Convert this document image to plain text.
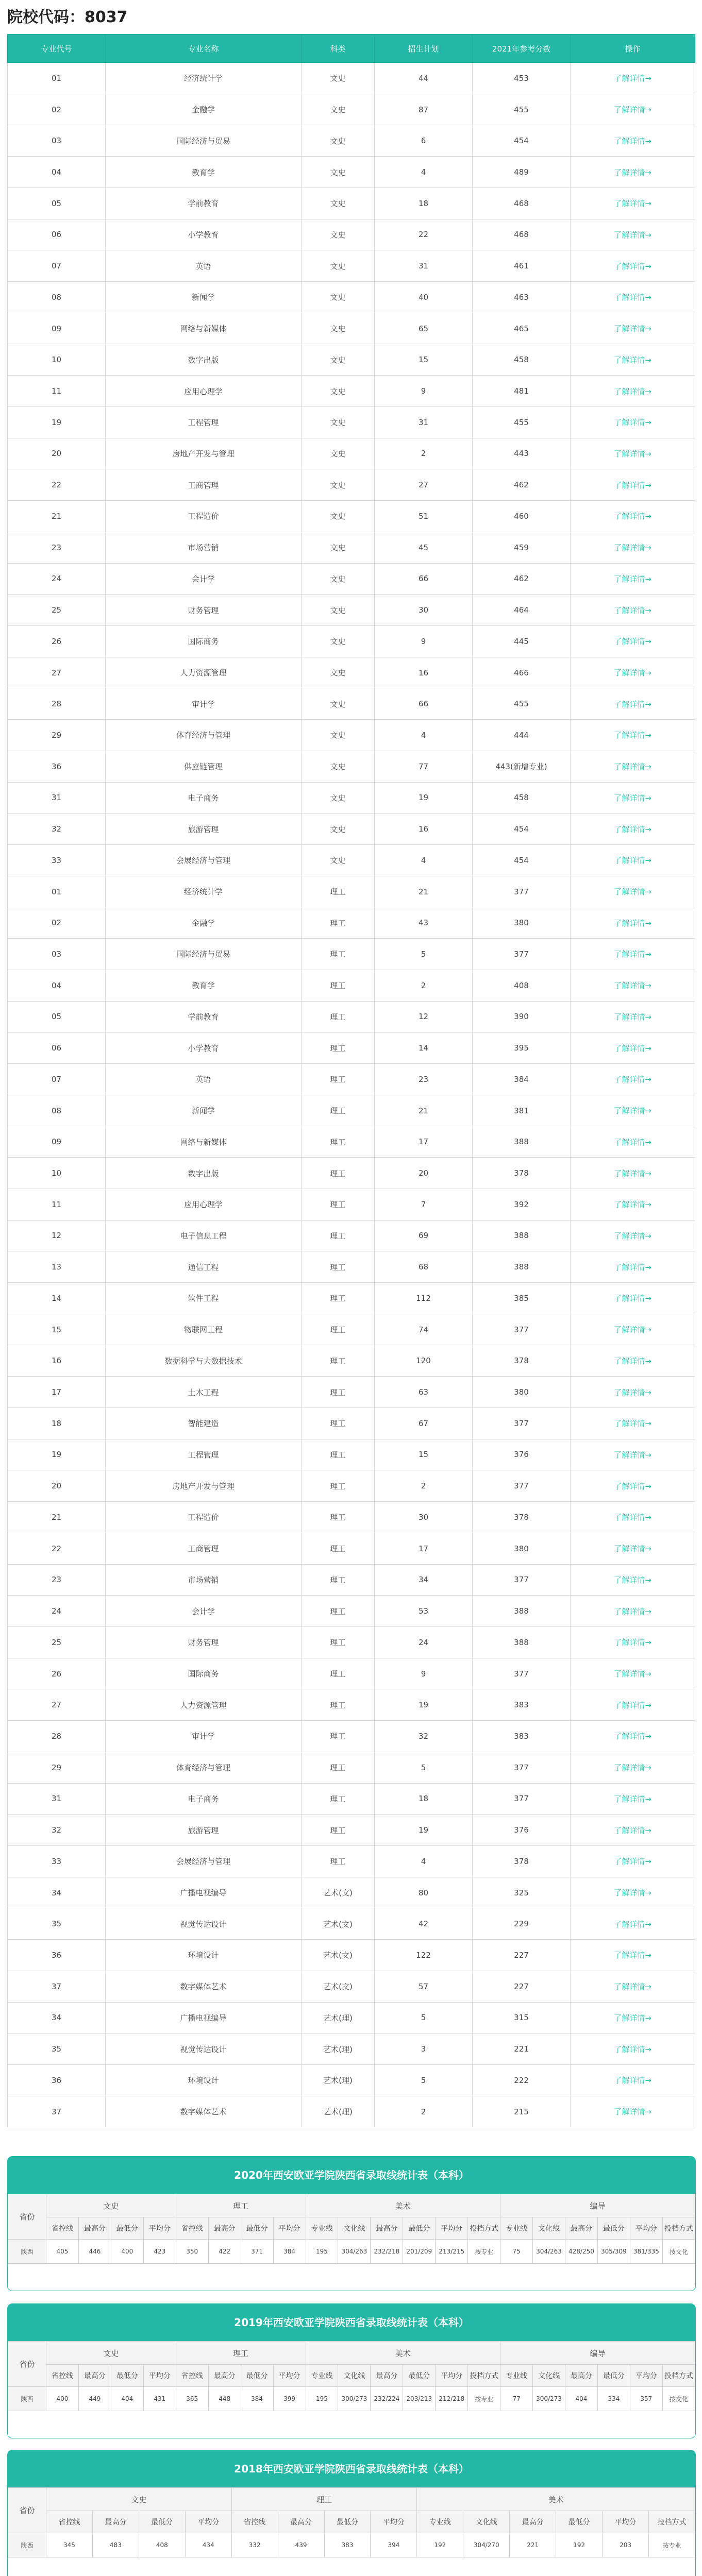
院校代码：8037
专业代号	专业名称	科类	招生计划	2021年参考分数	操作
01	经济统计学	文史	44	453	了解详情→
02	金融学	文史	87	455	了解详情→
03	国际经济与贸易	文史	6	454	了解详情→
04	教育学	文史	4	489	了解详情→
05	学前教育	文史	18	468	了解详情→
06	小学教育	文史	22	468	了解详情→
07	英语	文史	31	461	了解详情→
08	新闻学	文史	40	463	了解详情→
09	网络与新媒体	文史	65	465	了解详情→
10	数字出版	文史	15	458	了解详情→
11	应用心理学	文史	9	481	了解详情→
19	工程管理	文史	31	455	了解详情→
20	房地产开发与管理	文史	2	443	了解详情→
22	工商管理	文史	27	462	了解详情→
21	工程造价	文史	51	460	了解详情→
23	市场营销	文史	45	459	了解详情→
24	会计学	文史	66	462	了解详情→
25	财务管理	文史	30	464	了解详情→
26	国际商务	文史	9	445	了解详情→
27	人力资源管理	文史	16	466	了解详情→
28	审计学	文史	66	455	了解详情→
29	体育经济与管理	文史	4	444	了解详情→
36	供应链管理	文史	77	443(新增专业)	了解详情→
31	电子商务	文史	19	458	了解详情→
32	旅游管理	文史	16	454	了解详情→
33	会展经济与管理	文史	4	454	了解详情→
01	经济统计学	理工	21	377	了解详情→
02	金融学	理工	43	380	了解详情→
03	国际经济与贸易	理工	5	377	了解详情→
04	教育学	理工	2	408	了解详情→
05	学前教育	理工	12	390	了解详情→
06	小学教育	理工	14	395	了解详情→
07	英语	理工	23	384	了解详情→
08	新闻学	理工	21	381	了解详情→
09	网络与新媒体	理工	17	388	了解详情→
10	数字出版	理工	20	378	了解详情→
11	应用心理学	理工	7	392	了解详情→
12	电子信息工程	理工	69	388	了解详情→
13	通信工程	理工	68	388	了解详情→
14	软件工程	理工	112	385	了解详情→
15	物联网工程	理工	74	377	了解详情→
16	数据科学与大数据技术	理工	120	378	了解详情→
17	土木工程	理工	63	380	了解详情→
18	智能建造	理工	67	377	了解详情→
19	工程管理	理工	15	376	了解详情→
20	房地产开发与管理	理工	2	377	了解详情→
21	工程造价	理工	30	378	了解详情→
22	工商管理	理工	17	380	了解详情→
23	市场营销	理工	34	377	了解详情→
24	会计学	理工	53	388	了解详情→
25	财务管理	理工	24	388	了解详情→
26	国际商务	理工	9	377	了解详情→
27	人力资源管理	理工	19	383	了解详情→
28	审计学	理工	32	383	了解详情→
29	体育经济与管理	理工	5	377	了解详情→
31	电子商务	理工	18	377	了解详情→
32	旅游管理	理工	19	376	了解详情→
33	会展经济与管理	理工	4	378	了解详情→
34	广播电视编导	艺术(文)	80	325	了解详情→
35	视觉传达设计	艺术(文)	42	229	了解详情→
36	环境设计	艺术(文)	122	227	了解详情→
37	数字媒体艺术	艺术(文)	57	227	了解详情→
34	广播电视编导	艺术(理)	5	315	了解详情→
35	视觉传达设计	艺术(理)	3	221	了解详情→
36	环境设计	艺术(理)	5	222	了解详情→
37	数字媒体艺术	艺术(理)	2	215	了解详情→
2020年西安欧亚学院陕西省录取线统计表（本科）
省份	文史				理工				美术						编导					
	省控线	最高分	最低分	平均分	省控线	最高分	最低分	平均分	专业线	文化线	最高分	最低分	平均分	投档方式	专业线	文化线	最高分	最低分	平均分	投档方式
陕西	405	446	400	423	350	422	371	384	195	304/263	232/218	201/209	213/215	按专业	75	304/263	428/250	305/309	381/335	按文化
2019年西安欧亚学院陕西省录取线统计表（本科）
省份	文史				理工				美术						编导					
	省控线	最高分	最低分	平均分	省控线	最高分	最低分	平均分	专业线	文化线	最高分	最低分	平均分	投档方式	专业线	文化线	最高分	最低分	平均分	投档方式
陕西	400	449	404	431	365	448	384	399	195	300/273	232/224	203/213	212/218	按专业	77	300/273	404	334	357	按文化
2018年西安欧亚学院陕西省录取线统计表（本科）
省份	文史				理工				美术					
	省控线	最高分	最低分	平均分	省控线	最高分	最低分	平均分	专业线	文化线	最高分	最低分	平均分	投档方式
陕西	345	483	408	434	332	439	383	394	192	304/270	221	192	203	按专业
